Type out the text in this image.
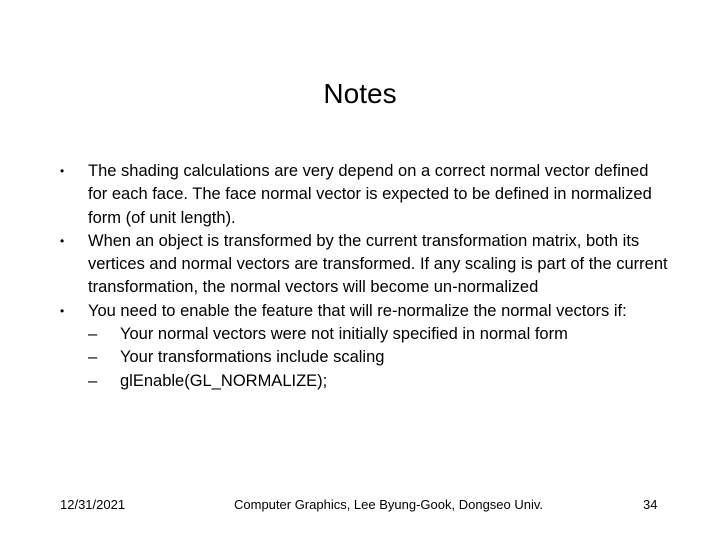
Notes
• The shading calculations are very depend on a correct normal vector defined for each face. The face normal vector is expected to be defined in normalized form (of unit length).
• When an object is transformed by the current transformation matrix, both its vertices and normal vectors are transformed. If any scaling is part of the current transformation, the normal vectors will become un-normalized
• You need to enable the feature that will re-normalize the normal vectors if:
– Your normal vectors were not initially specified in normal form
– Your transformations include scaling
– glEnable(GL_NORMALIZE);
12/31/2021	Computer Graphics, Lee Byung-Gook, Dongseo Univ.	34
